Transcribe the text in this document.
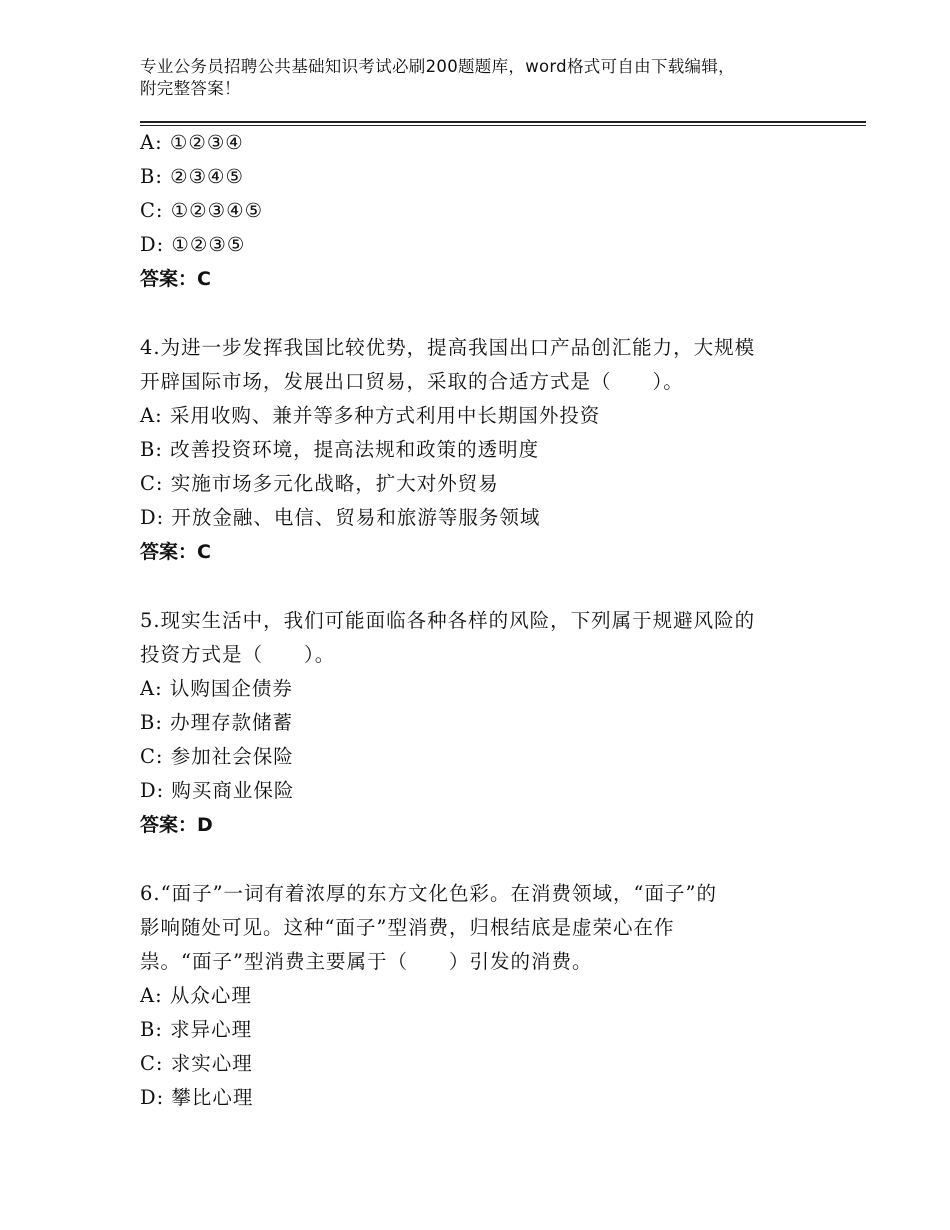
专业公务员招聘公共基础知识考试必刷200题题库，word格式可自由下载编辑，
附完整答案！
A: ①②③④
B: ②③④⑤
C: ①②③④⑤
D: ①②③⑤
答案：C
4.为进一步发挥我国比较优势，提高我国出口产品创汇能力，大规模
开辟国际市场，发展出口贸易，采取的合适方式是（　　）。
A: 采用收购、兼并等多种方式利用中长期国外投资
B: 改善投资环境，提高法规和政策的透明度
C: 实施市场多元化战略，扩大对外贸易
D: 开放金融、电信、贸易和旅游等服务领域
答案：C
5.现实生活中，我们可能面临各种各样的风险，下列属于规避风险的
投资方式是（　　）。
A: 认购国企债券
B: 办理存款储蓄
C: 参加社会保险
D: 购买商业保险
答案：D
6.“面子”一词有着浓厚的东方文化色彩。在消费领域，“面子”的
影响随处可见。这种“面子”型消费，归根结底是虚荣心在作
祟。“面子”型消费主要属于（　　）引发的消费。
A: 从众心理
B: 求异心理
C: 求实心理
D: 攀比心理
